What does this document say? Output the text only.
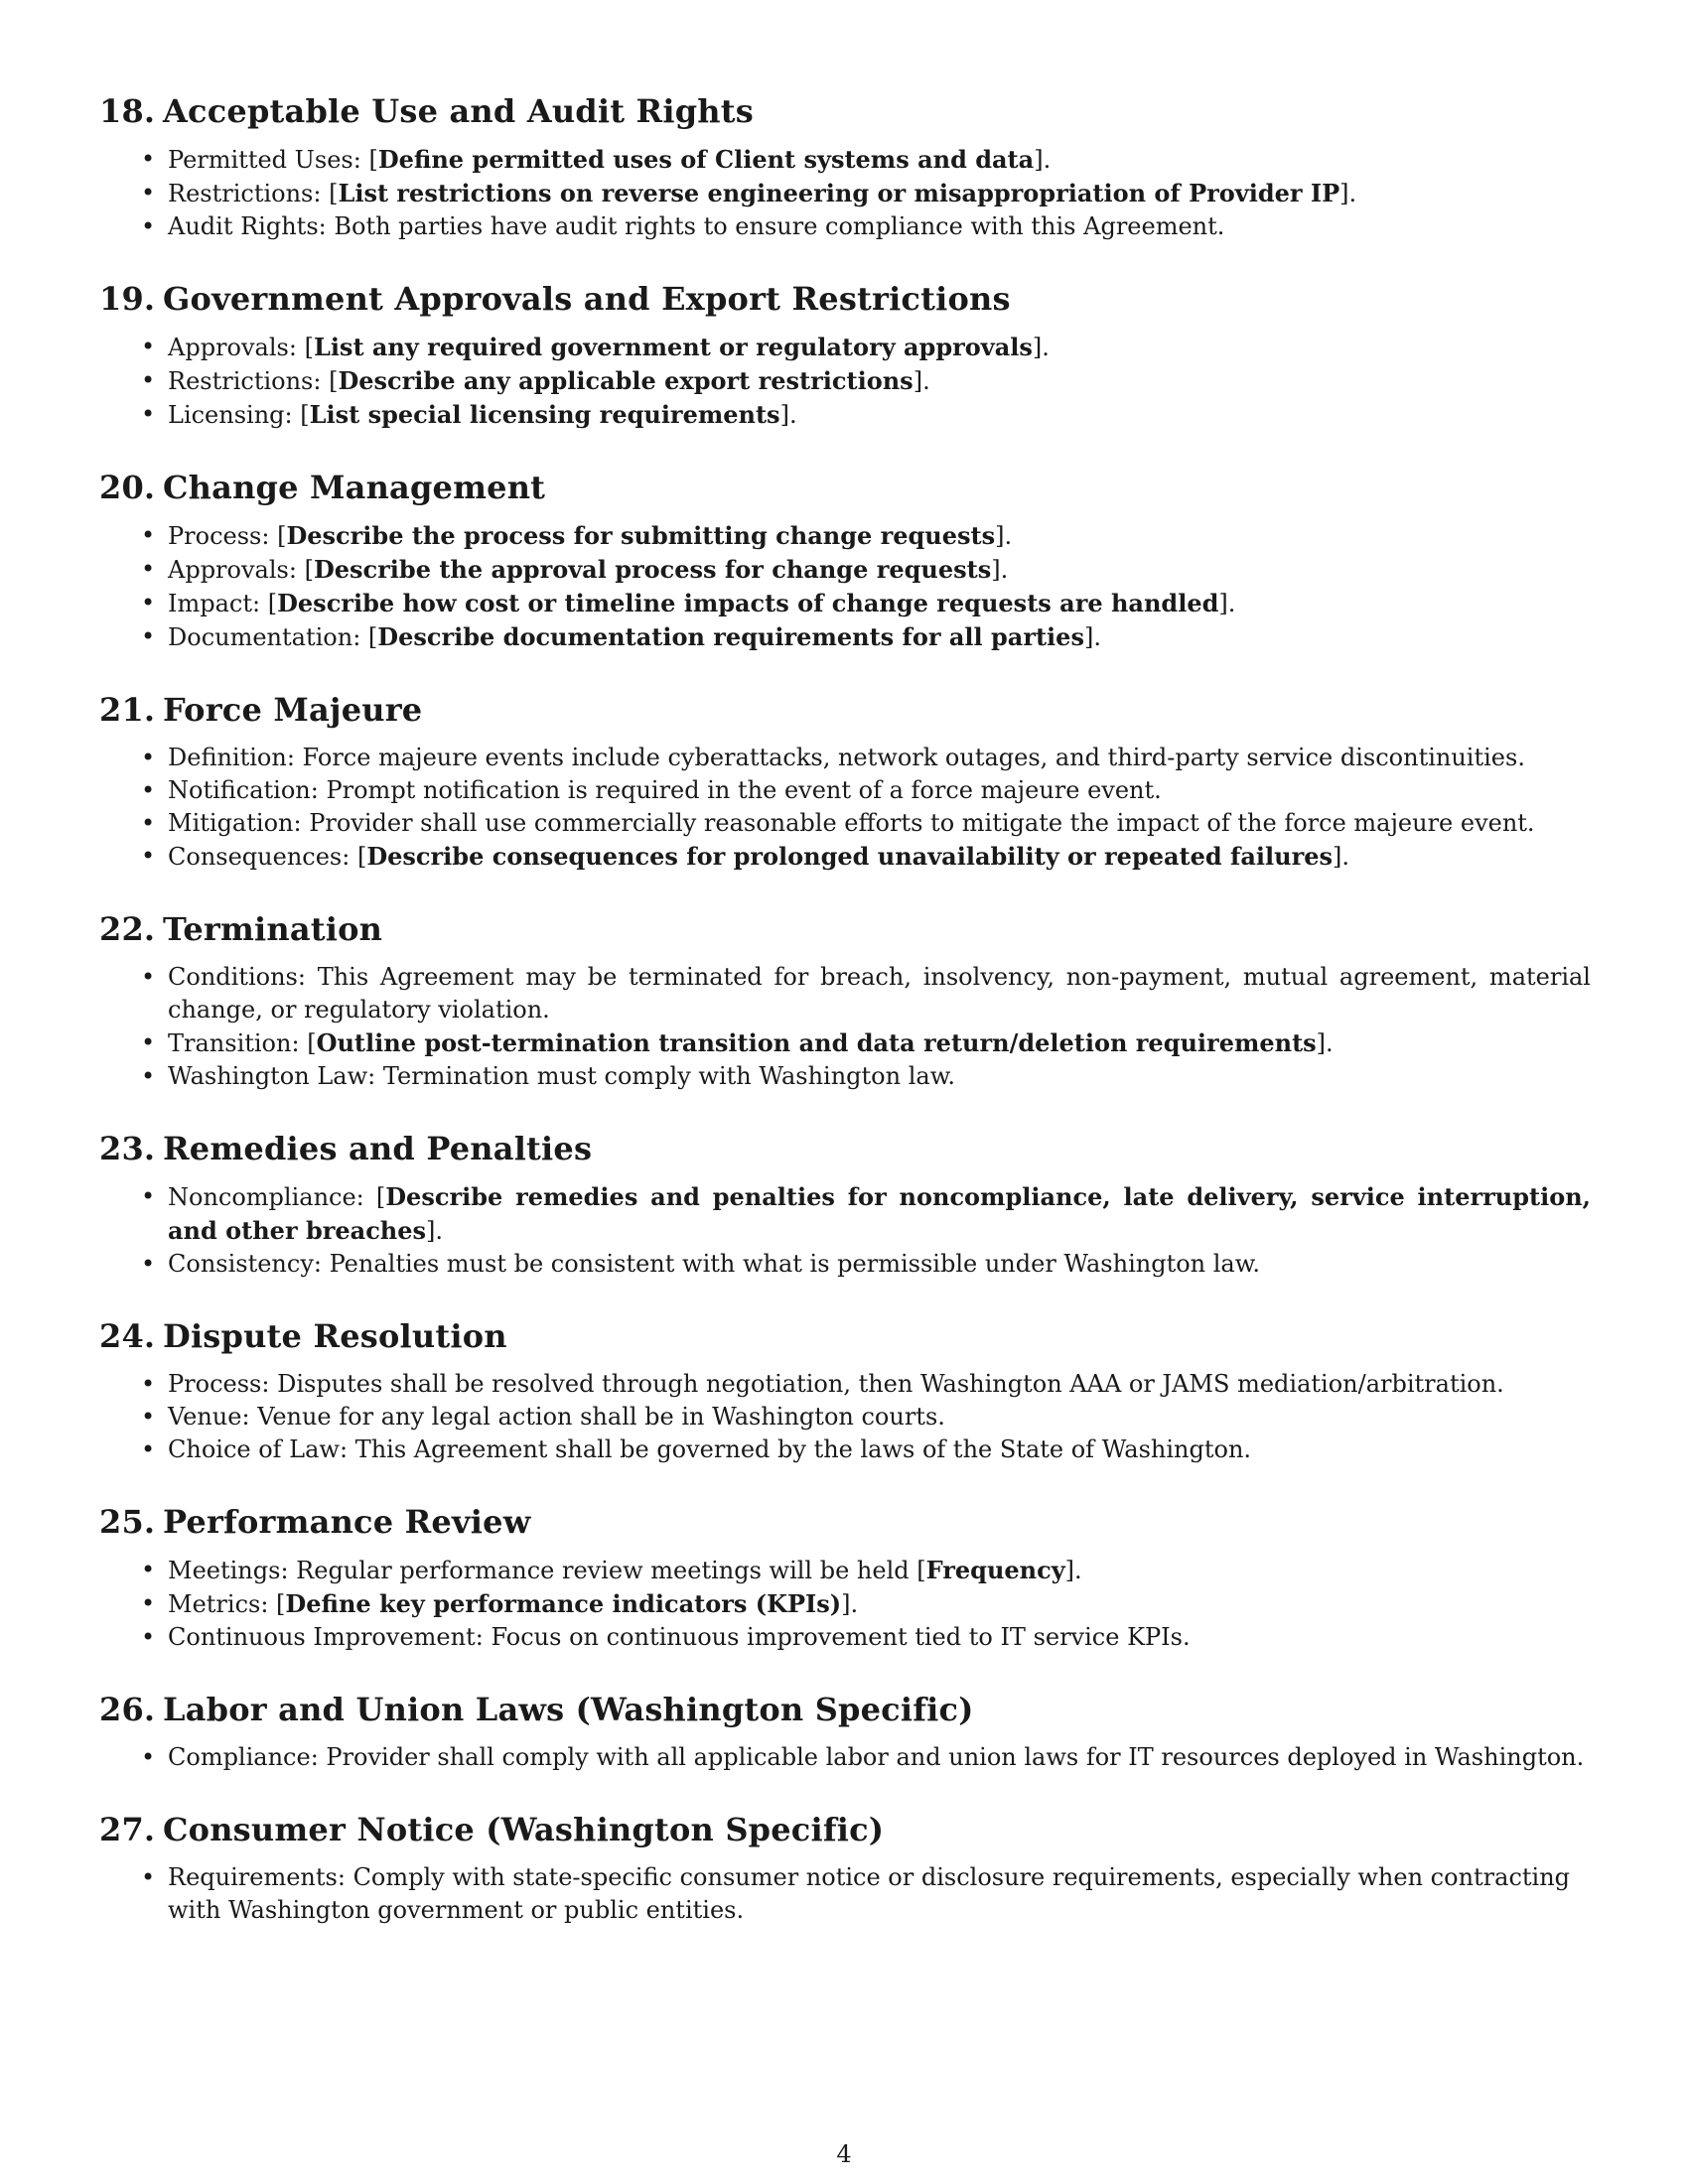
18. Acceptable Use and Audit Rights
• Permitted Uses: [Define permitted uses of Client systems and data].
• Restrictions: [List restrictions on reverse engineering or misappropriation of Provider IP].
• Audit Rights: Both parties have audit rights to ensure compliance with this Agreement.
19. Government Approvals and Export Restrictions
• Approvals: [List any required government or regulatory approvals].
• Restrictions: [Describe any applicable export restrictions].
• Licensing: [List special licensing requirements].
20. Change Management
• Process: [Describe the process for submitting change requests].
• Approvals: [Describe the approval process for change requests].
• Impact: [Describe how cost or timeline impacts of change requests are handled].
• Documentation: [Describe documentation requirements for all parties].
21. Force Majeure
• Definition: Force majeure events include cyberattacks, network outages, and third-party service discontinuities.
• Notification: Prompt notification is required in the event of a force majeure event.
• Mitigation: Provider shall use commercially reasonable efforts to mitigate the impact of the force majeure event.
• Consequences: [Describe consequences for prolonged unavailability or repeated failures].
22. Termination
• Conditions: This Agreement may be terminated for breach, insolvency, non-payment, mutual agreement, material change, or regulatory violation.
• Transition: [Outline post-termination transition and data return/deletion requirements].
• Washington Law: Termination must comply with Washington law.
23. Remedies and Penalties
• Noncompliance: [Describe remedies and penalties for noncompliance, late delivery, service interruption, and other breaches].
• Consistency: Penalties must be consistent with what is permissible under Washington law.
24. Dispute Resolution
• Process: Disputes shall be resolved through negotiation, then Washington AAA or JAMS mediation/arbitration.
• Venue: Venue for any legal action shall be in Washington courts.
• Choice of Law: This Agreement shall be governed by the laws of the State of Washington.
25. Performance Review
• Meetings: Regular performance review meetings will be held [Frequency].
• Metrics: [Define key performance indicators (KPIs)].
• Continuous Improvement: Focus on continuous improvement tied to IT service KPIs.
26. Labor and Union Laws (Washington Specific)
• Compliance: Provider shall comply with all applicable labor and union laws for IT resources deployed in Washington.
27. Consumer Notice (Washington Specific)
• Requirements: Comply with state-specific consumer notice or disclosure requirements, especially when contracting with Washington government or public entities.
4
